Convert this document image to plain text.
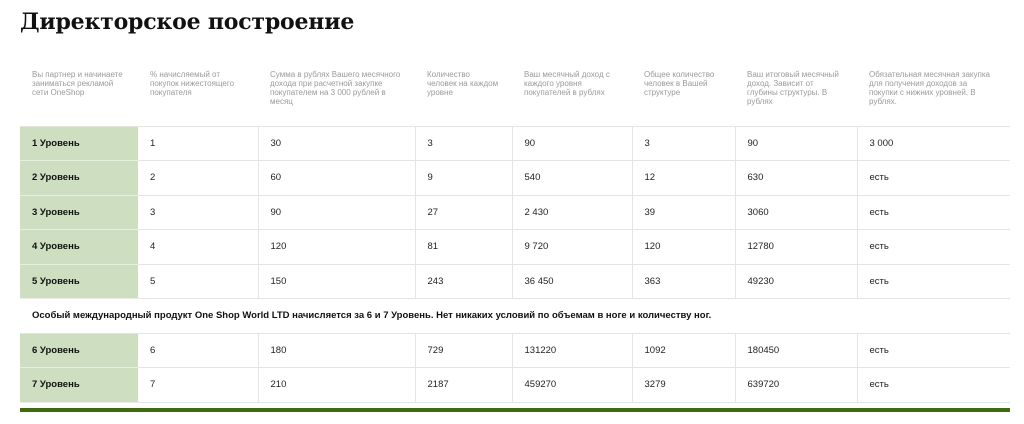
Директорское построение
Вы партнер и начинаете заниматься рекламой сети OneShop	% начисляемый от покупок нижестоящего покупателя	Сумма в рублях Вашего месячного дохода при расчетной закупке покупателем на 3 000 рублей в месяц	Количество человек на каждом уровне	Ваш месячный доход с каждого уровня покупателей в рублях	Общее количество человек в Вашей структуре	Ваш итоговый месячный доход. Зависит от глубины структуры. В рублях	Обязательная месячная закупка для получения доходов за покупки с нижних уровней. В рублях.
1 Уровень	1	30	3	90	3	90	3 000
2 Уровень	2	60	9	540	12	630	есть
3 Уровень	3	90	27	2 430	39	3060	есть
4 Уровень	4	120	81	9 720	120	12780	есть
5 Уровень	5	150	243	36 450	363	49230	есть
Особый международный продукт One Shop World LTD начисляется за 6 и 7 Уровень. Нет никаких условий по объемам в ноге и количеству ног.							
6 Уровень	6	180	729	131220	1092	180450	есть
7 Уровень	7	210	2187	459270	3279	639720	есть
